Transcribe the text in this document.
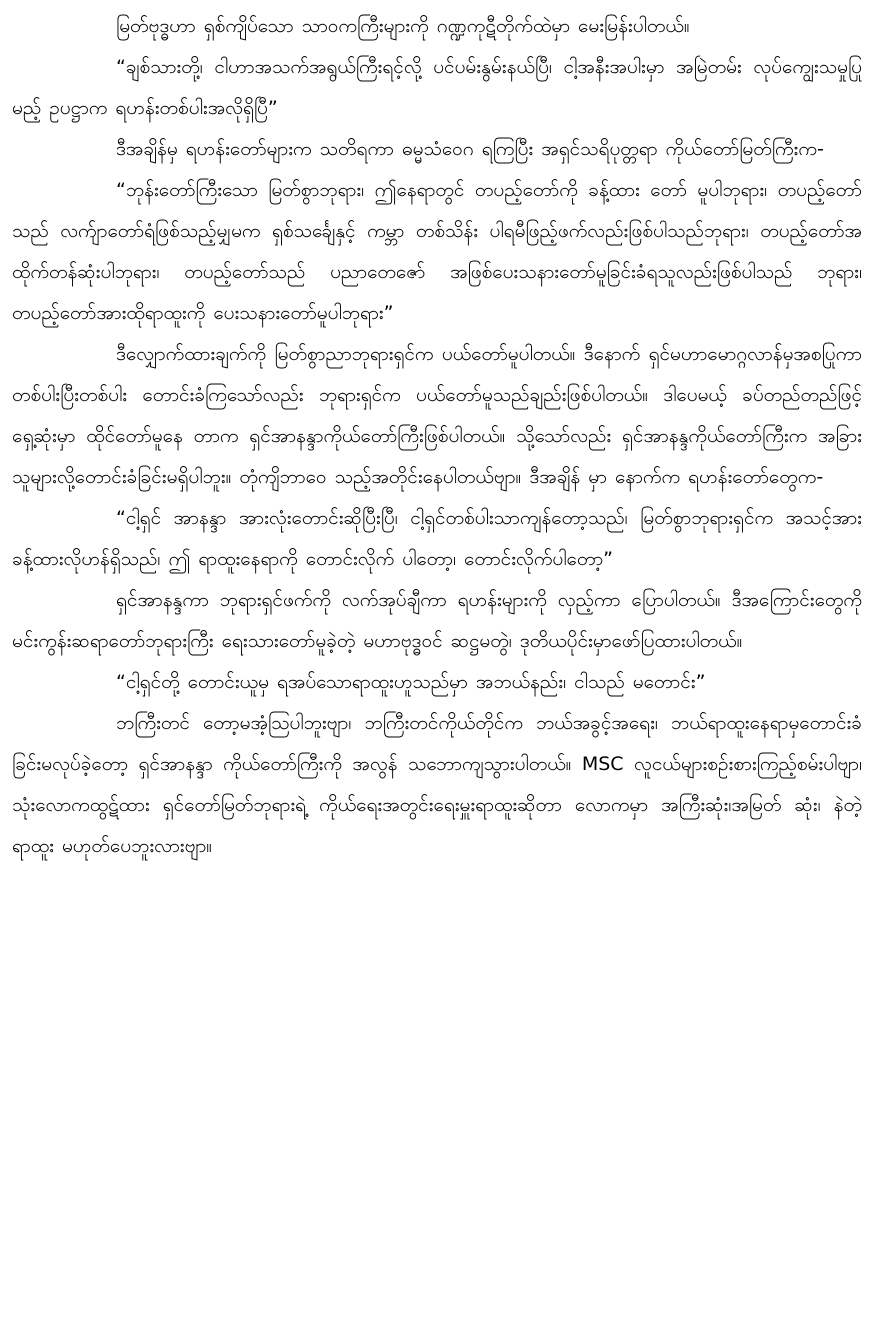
မြတ်ဗုဒ္ဓဟာ ရှစ်ကျိပ်သော သာဝကကြီးများကို ဂဏ္ဍကုဋီတိုက်ထဲမှာ မေးမြန်းပါတယ်။

“ချစ်သားတို့၊ ငါဟာအသက်အရွယ်ကြီးရင့်လို့ ပင်ပမ်းနွမ်းနယ်ပြီ၊ ငါ့အနီးအပါးမှာ အမြဲတမ်း လုပ်ကျွေးသမှုပြုမည့် ဥပဋ္ဌာက ရဟန်းတစ်ပါးအလိုရှိပြီ”

ဒီအချိန်မှ ရဟန်းတော်များက သတိရကာ ဓမ္မသံဝေဂ ရကြပြီး အရှင်သရိပုတ္တရာ ကိုယ်တော်မြတ်ကြီးက-

“ဘုန်းတော်ကြီးသော မြတ်စွာဘုရား၊ ဤနေရာတွင် တပည့်တော်ကို ခန့်ထား တော် မူပါဘုရား၊ တပည့်တော်သည် လက်ျာတော်ရံဖြစ်သည့်မျှမက ရှစ်သင်္ချေနှင့် ကမ္ဘာ တစ်သိန်း ပါရမီဖြည့်ဖက်လည်းဖြစ်ပါသည်ဘုရား၊ တပည့်တော်အထိုက်တန်ဆုံးပါဘုရား၊ တပည့်တော်သည် ပညာတေဇော် အဖြစ်ပေးသနားတော်မူခြင်းခံရသူလည်းဖြစ်ပါသည် ဘုရား၊ တပည့်တော်အားထိုရာထူးကို ပေးသနားတော်မူပါဘုရား”

ဒီလျှောက်ထားချက်ကို မြတ်စွာညာဘုရားရှင်က ပယ်တော်မူပါတယ်။ ဒီနောက် ရှင်မဟာမောဂ္ဂလာန်မှအစပြုကာ တစ်ပါးပြီးတစ်ပါး တောင်းခံကြသော်လည်း ဘုရားရှင်က ပယ်တော်မူသည်ချည်းဖြစ်ပါတယ်။ ဒါပေမယ့် ခပ်တည်တည်ဖြင့်ရှေ့ဆုံးမှာ ထိုင်တော်မူနေ တာက ရှင်အာနန္ဒာကိုယ်တော်ကြီးဖြစ်ပါတယ်။ သို့သော်လည်း ရှင်အာနန္ဒကိုယ်တော်ကြီးက အခြားသူများလို့တောင်းခံခြင်းမရှိပါဘူး။ တုံကျိဘာဝေ သည့်အတိုင်းနေပါတယ်ဗျာ။ ဒီအချိန် မှာ နောက်က ရဟန်းတော်တွေက-

“ငါ့ရှင် အာနန္ဒာ အားလုံးတောင်းဆိုပြီးပြီ၊ ငါ့ရှင်တစ်ပါးသာကျန်တော့သည်၊ မြတ်စွာဘုရားရှင်က အသင့်အားခန့်ထားလိုဟန်ရှိသည်၊ ဤ ရာထူးနေရာကို တောင်းလိုက် ပါတော့၊ တောင်းလိုက်ပါတော့”

ရှင်အာနန္ဒကာ ဘုရားရှင်ဖက်ကို လက်အုပ်ချီကာ ရဟန်းများကို လှည့်ကာ ပြောပါတယ်။ ဒီအကြောင်းတွေကို မင်းကွန်းဆရာတော်ဘုရားကြီး ရေးသားတော်မူခဲ့တဲ့ မဟာဗုဒ္ဓဝင် ဆဋ္ဌမတွဲ၊ ဒုတိယပိုင်းမှာဖော်ပြထားပါတယ်။

“ငါ့ရှင်တို့ တောင်းယူမှ ရအပ်သောရာထူးဟူသည်မှာ အဘယ်နည်း၊ ငါသည် မတောင်း”

ဘကြီးတင် တော့မအံ့သြပါဘူးဗျာ၊ ဘကြီးတင်ကိုယ်တိုင်က ဘယ်အခွင့်အရေး၊ ဘယ်ရာထူးနေရာမှတောင်းခံခြင်းမလုပ်ခဲ့တော့ ရှင်အာနန္ဒာ ကိုယ်တော်ကြီးကို အလွန် သဘောကျသွားပါတယ်။ MSC လူငယ်များစဉ်းစားကြည့်စမ်းပါဗျာ၊ သုံးလောကထွဋ်ထား ရှင်တော်မြတ်ဘုရားရဲ့ ကိုယ်ရေးအတွင်းရေးမှူးရာထူးဆိုတာ လောကမှာ အကြီးဆုံး၊အမြတ် ဆုံး၊ နဲတဲ့ရာထူး မဟုတ်ပေဘူးလားဗျာ။
